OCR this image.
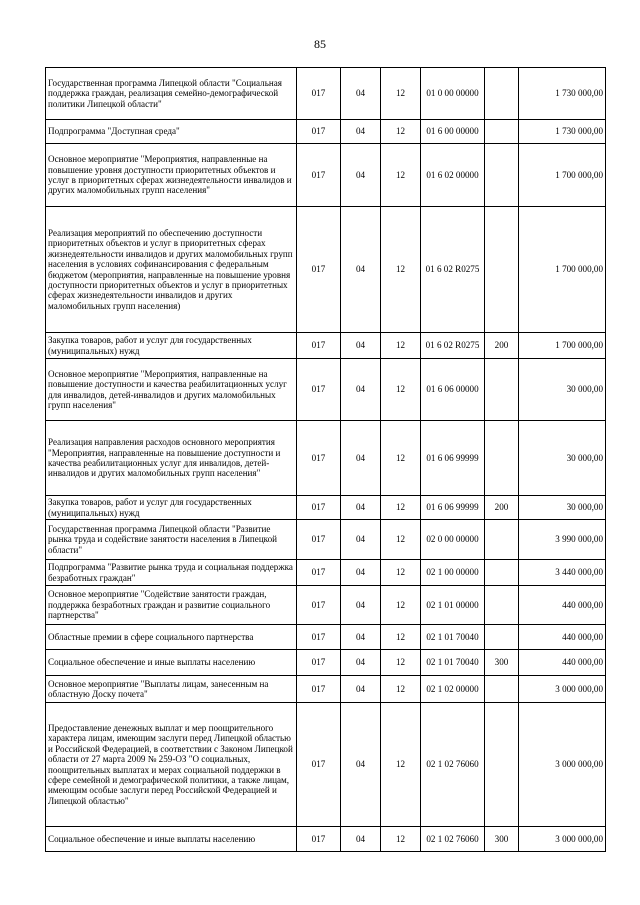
85
Государственная программа Липецкой области "Социальная поддержка граждан, реализация семейно-демографической политики Липецкой области"	017	04	12	01 0 00 00000		1 730 000,00
Подпрограмма "Доступная среда"	017	04	12	01 6 00 00000		1 730 000,00
Основное мероприятие "Мероприятия, направленные на повышение уровня доступности приоритетных объектов и услуг в приоритетных сферах жизнедеятельности инвалидов и других маломобильных групп населения"	017	04	12	01 6 02 00000		1 700 000,00
Реализация мероприятий по обеспечению доступности приоритетных объектов и услуг в приоритетных сферах жизнедеятельности инвалидов и других маломобильных групп населения в условиях софинансирования с федеральным бюджетом (мероприятия, направленные на повышение уровня доступности приоритетных объектов и услуг в приоритетных сферах жизнедеятельности инвалидов и других маломобильных групп населения)	017	04	12	01 6 02 R0275		1 700 000,00
Закупка товаров, работ и услуг для государственных (муниципальных) нужд	017	04	12	01 6 02 R0275	200	1 700 000,00
Основное мероприятие "Мероприятия, направленные на повышение доступности и качества реабилитационных услуг для инвалидов, детей-инвалидов и других маломобильных групп населения"	017	04	12	01 6 06 00000		30 000,00
Реализация направления расходов основного мероприятия "Мероприятия, направленные на повышение доступности и качества реабилитационных услуг для инвалидов, детей-инвалидов и других маломобильных групп населения"	017	04	12	01 6 06 99999		30 000,00
Закупка товаров, работ и услуг для государственных (муниципальных) нужд	017	04	12	01 6 06 99999	200	30 000,00
Государственная программа Липецкой области "Развитие рынка труда и содействие занятости населения в Липецкой области"	017	04	12	02 0 00 00000		3 990 000,00
Подпрограмма "Развитие рынка труда и социальная поддержка безработных граждан"	017	04	12	02 1 00 00000		3 440 000,00
Основное мероприятие "Содействие занятости граждан, поддержка безработных граждан и развитие социального партнерства"	017	04	12	02 1 01 00000		440 000,00
Областные премии в сфере социального партнерства	017	04	12	02 1 01 70040		440 000,00
Социальное обеспечение и иные выплаты населению	017	04	12	02 1 01 70040	300	440 000,00
Основное мероприятие "Выплаты лицам, занесенным на областную Доску почета"	017	04	12	02 1 02 00000		3 000 000,00
Предоставление денежных выплат и мер поощрительного характера лицам, имеющим заслуги перед Липецкой областью и Российской Федерацией, в соответствии с Законом Липецкой области от 27 марта 2009 № 259-ОЗ "О социальных, поощрительных выплатах и мерах социальной поддержки в сфере семейной и демографической политики, а также лицам, имеющим особые заслуги перед Российской Федерацией и Липецкой областью"	017	04	12	02 1 02 76060		3 000 000,00
Социальное обеспечение и иные выплаты населению	017	04	12	02 1 02 76060	300	3 000 000,00
